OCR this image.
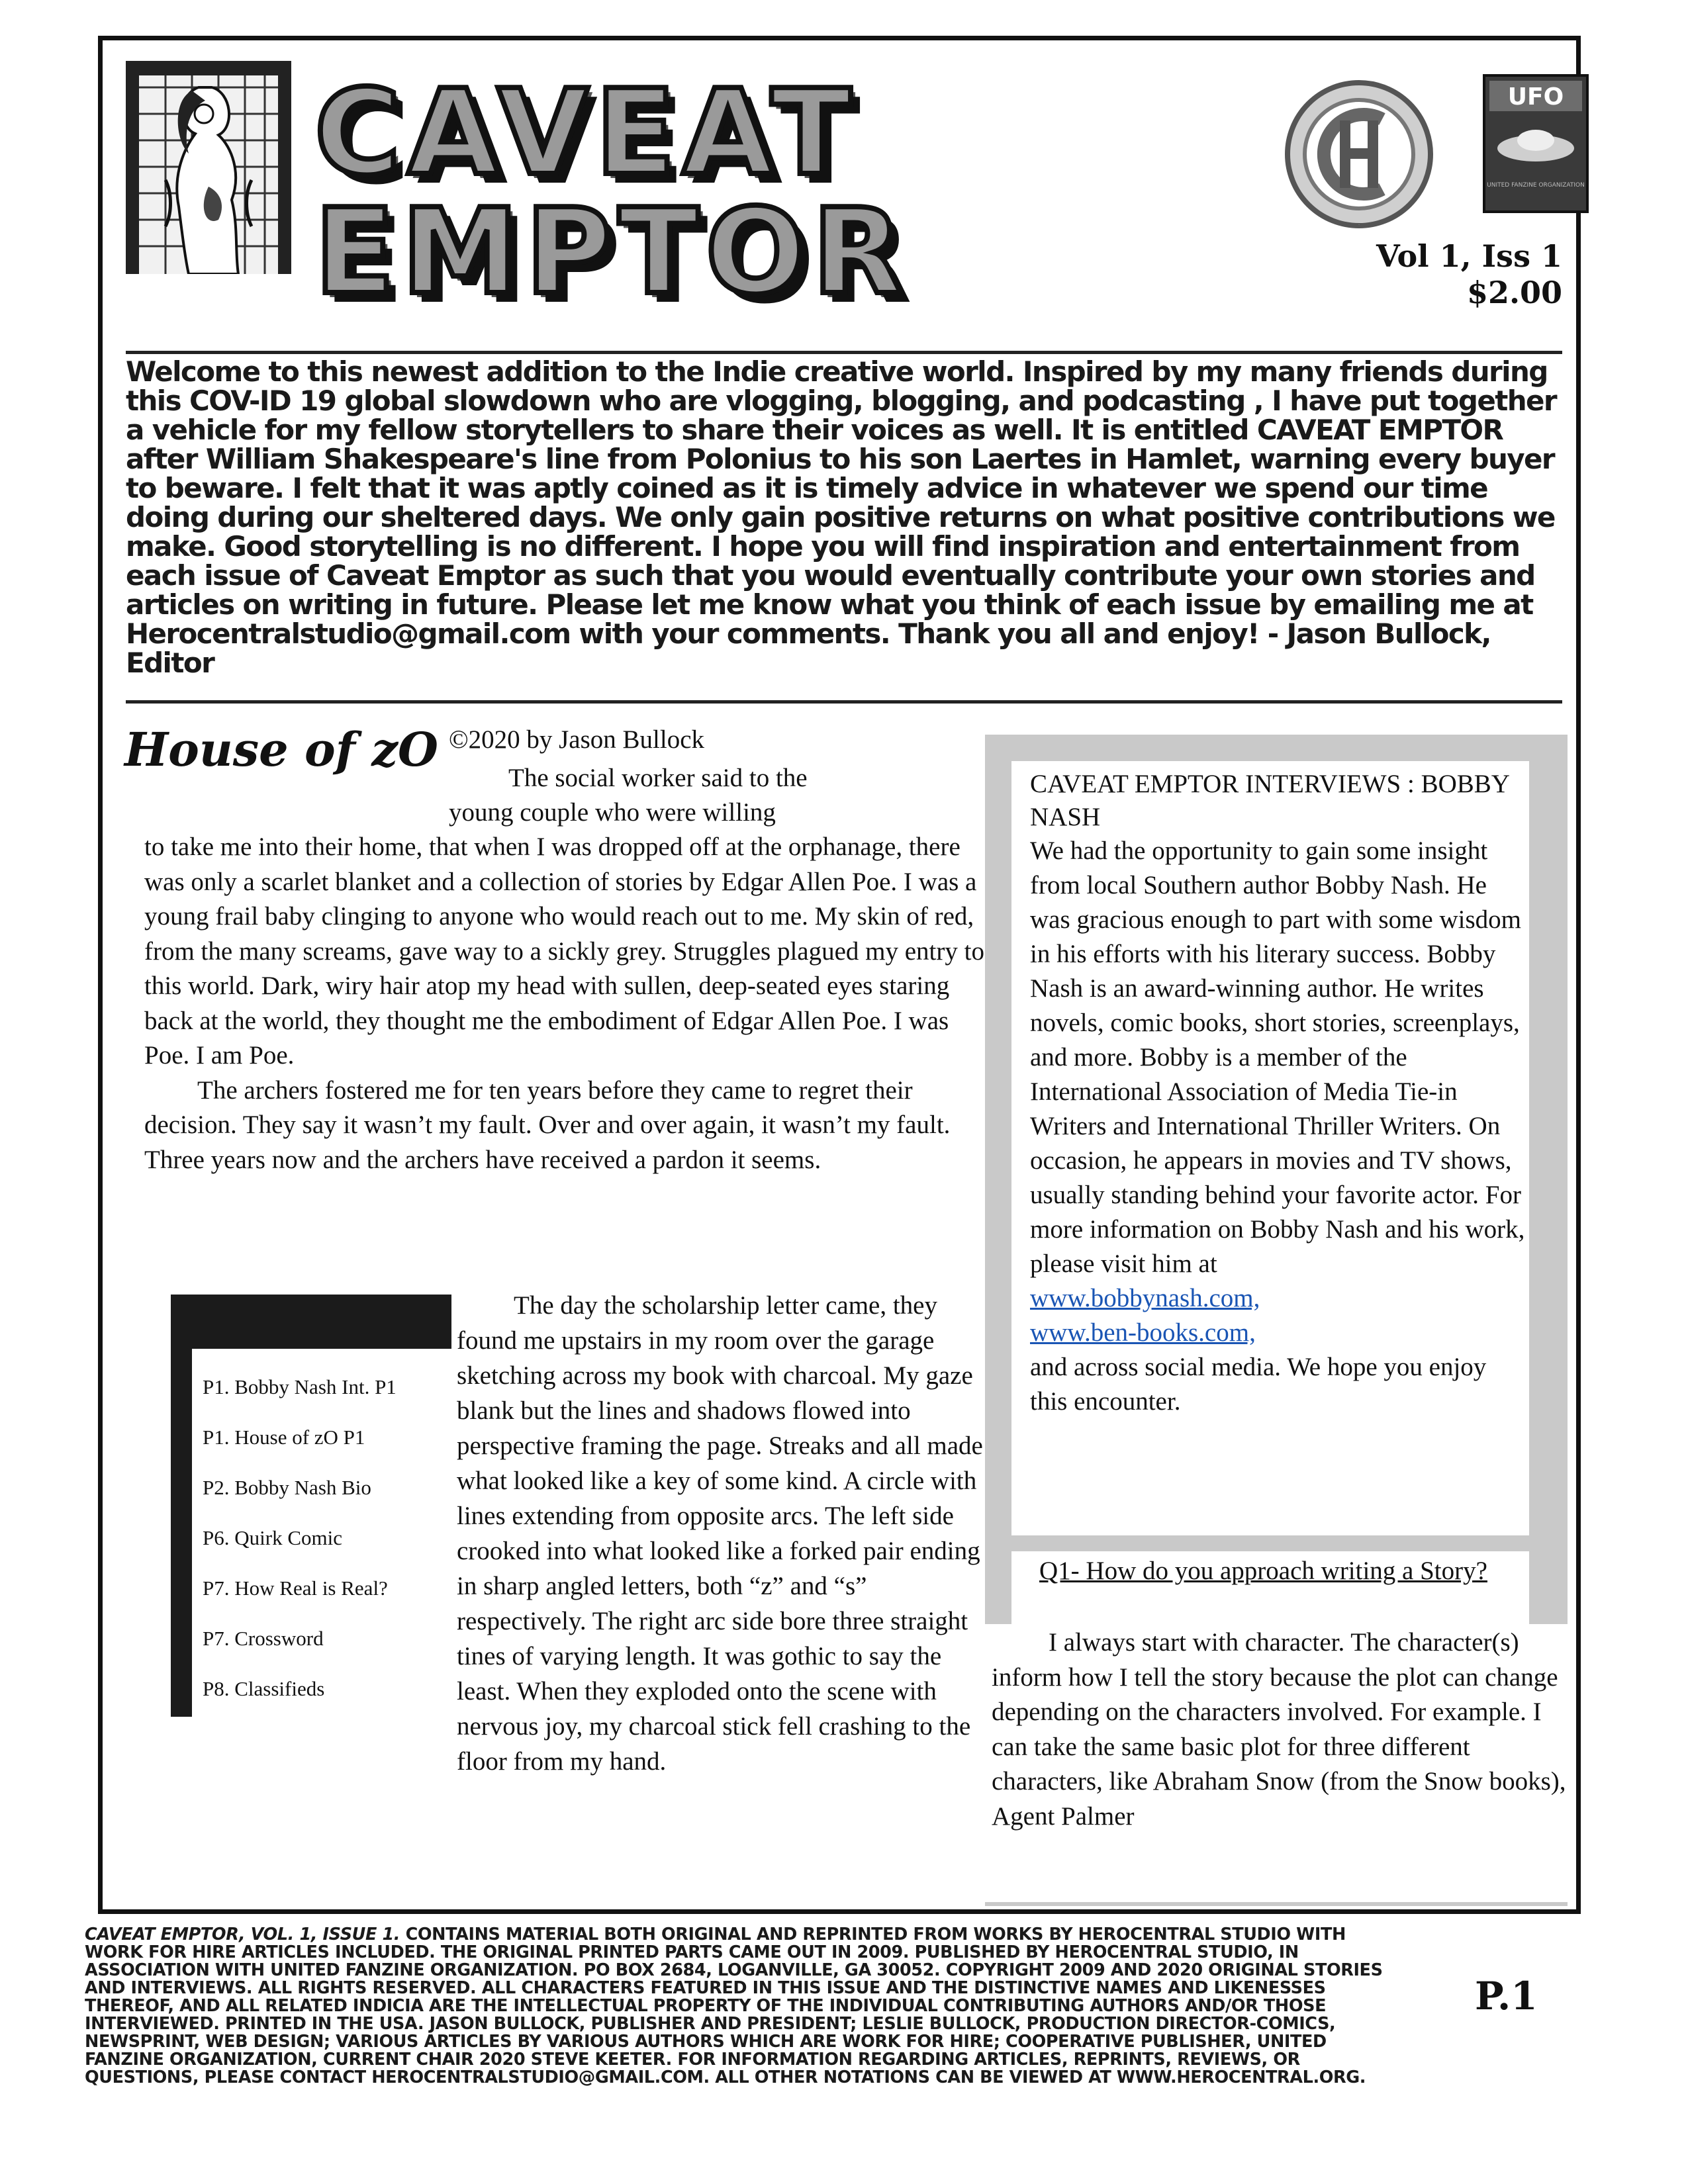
CAVEAT
EMPTOR	HC
UFO
UNITED FANZINE ORGANIZATION
Vol 1, Iss 1
$2.00

Welcome to this newest addition to the Indie creative world. Inspired by my many friends during this COV-ID 19 global slowdown who are vlogging, blogging, and podcasting , I have put together a vehicle for my fellow storytellers to share their voices as well. It is entitled CAVEAT EMPTOR after William Shakespeare's line from Polonius to his son Laertes in Hamlet, warning every buyer to beware. I felt that it was aptly coined as it is timely advice in whatever we spend our time doing during our sheltered days. We only gain positive returns on what positive contributions we make. Good storytelling is no different. I hope you will find inspiration and entertainment from each issue of Caveat Emptor as such that you would eventually contribute your own stories and articles on writing in future. Please let me know what you think of each issue by emailing me at Herocentralstudio@gmail.com with your comments. Thank you all and enjoy! - Jason Bullock, Editor

House of zO ©2020 by Jason Bullock

The social worker said to the young couple who were willing

to take me into their home, that when I was dropped off at the orphanage, there was only a scarlet blanket and a collection of stories by Edgar Allen Poe. I was a young frail baby clinging to anyone who would reach out to me. My skin of red, from the many screams, gave way to a sickly grey. Struggles plagued my entry to this world. Dark, wiry hair atop my head with sullen, deep-seated eyes staring back at the world, they thought me the embodiment of Edgar Allen Poe. I was Poe. I am Poe.

The archers fostered me for ten years before they came to regret their decision. They say it wasn’t my fault. Over and over again, it wasn’t my fault. Three years now and the archers have received a pardon it seems.

P1. Bobby Nash Int. P1
P1. House of zO P1
P2. Bobby Nash Bio
P6. Quirk Comic
P7. How Real is Real?
P7. Crossword
P8. Classifieds

The day the scholarship letter came, they found me upstairs in my room over the garage sketching across my book with charcoal. My gaze blank but the lines and shadows flowed into perspective framing the page. Streaks and all made what looked like a key of some kind. A circle with lines extending from opposite arcs. The left side crooked into what looked like a forked pair ending in sharp angled letters, both “z” and “s” respectively. The right arc side bore three straight tines of varying length. It was gothic to say the least. When they exploded onto the scene with nervous joy, my charcoal stick fell crashing to the floor from my hand.

CAVEAT EMPTOR INTERVIEWS : BOBBY NASH

We had the opportunity to gain some insight from local Southern author Bobby Nash. He was gracious enough to part with some wisdom in his efforts with his literary success. Bobby Nash is an award-winning author. He writes novels, comic books, short stories, screenplays, and more. Bobby is a member of the International Association of Media Tie-in Writers and International Thriller Writers. On occasion, he appears in movies and TV shows, usually standing behind your favorite actor. For more information on Bobby Nash and his work, please visit him at

www.bobbynash.com,
www.ben-books.com,

and across social media. We hope you enjoy this encounter.

Q1- How do you approach writing a Story?

I always start with character. The character(s) inform how I tell the story because the plot can change depending on the characters involved. For example. I can take the same basic plot for three different characters, like Abraham Snow (from the Snow books), Agent Palmer

CAVEAT EMPTOR, VOL. 1, ISSUE 1. CONTAINS MATERIAL BOTH ORIGINAL AND REPRINTED FROM WORKS BY HEROCENTRAL STUDIO WITH WORK FOR HIRE ARTICLES INCLUDED. THE ORIGINAL PRINTED PARTS CAME OUT IN 2009. PUBLISHED BY HEROCENTRAL STUDIO, IN ASSOCIATION WITH UNITED FANZINE ORGANIZATION. PO BOX 2684, LOGANVILLE, GA 30052. COPYRIGHT 2009 AND 2020 ORIGINAL STORIES AND INTERVIEWS. ALL RIGHTS RESERVED. ALL CHARACTERS FEATURED IN THIS ISSUE AND THE DISTINCTIVE NAMES AND LIKENESSES THEREOF, AND ALL RELATED INDICIA ARE THE INTELLECTUAL PROPERTY OF THE INDIVIDUAL CONTRIBUTING AUTHORS AND/OR THOSE INTERVIEWED. PRINTED IN THE USA. JASON BULLOCK, PUBLISHER AND PRESIDENT; LESLIE BULLOCK, PRODUCTION DIRECTOR-COMICS, NEWSPRINT, WEB DESIGN; VARIOUS ARTICLES BY VARIOUS AUTHORS WHICH ARE WORK FOR HIRE; COOPERATIVE PUBLISHER, UNITED FANZINE ORGANIZATION, CURRENT CHAIR 2020 STEVE KEETER. FOR INFORMATION REGARDING ARTICLES, REPRINTS, REVIEWS, OR QUESTIONS, PLEASE CONTACT HEROCENTRALSTUDIO@GMAIL.COM. ALL OTHER NOTATIONS CAN BE VIEWED AT WWW.HEROCENTRAL.ORG.

P.1
